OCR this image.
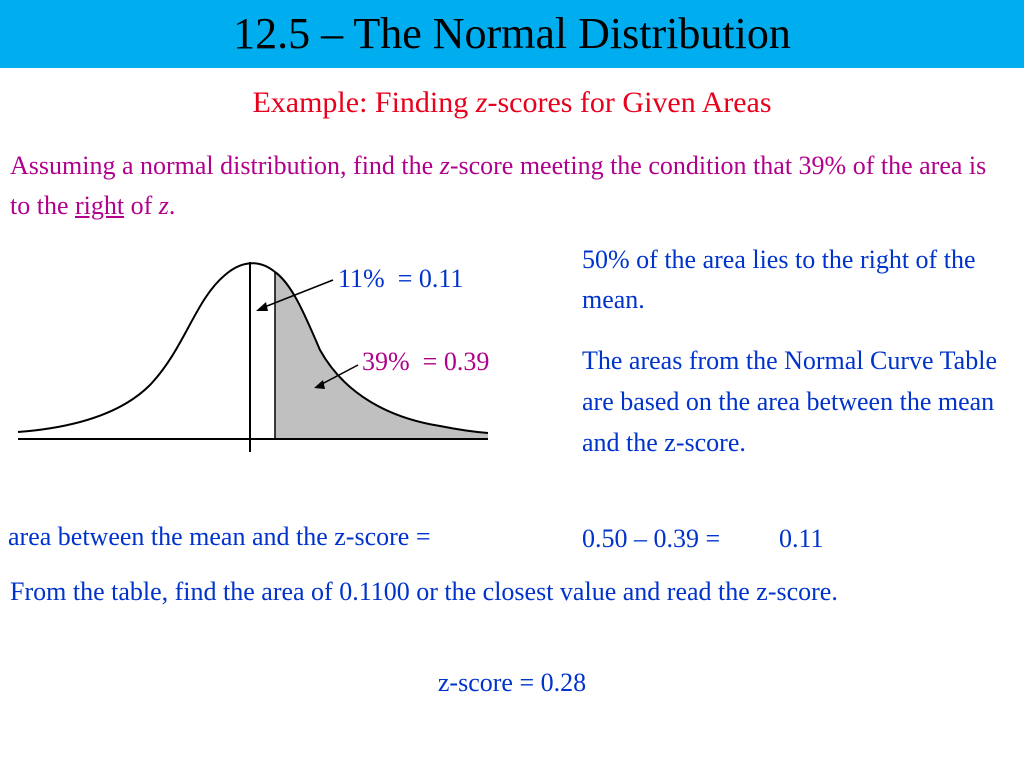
12.5 – The Normal Distribution
Example: Finding z-scores for Given Areas
Assuming a normal distribution, find the z-score meeting the condition that 39% of the area is to the right of z.
11% = 0.11
39% = 0.39
50% of the area lies to the right of the mean.
The areas from the Normal Curve Table are based on the area between the mean and the z-score.
area between the mean and the z-score =	0.50 – 0.39 = 0.11
From the table, find the area of 0.1100 or the closest value and read the z-score.
z-score = 0.28
